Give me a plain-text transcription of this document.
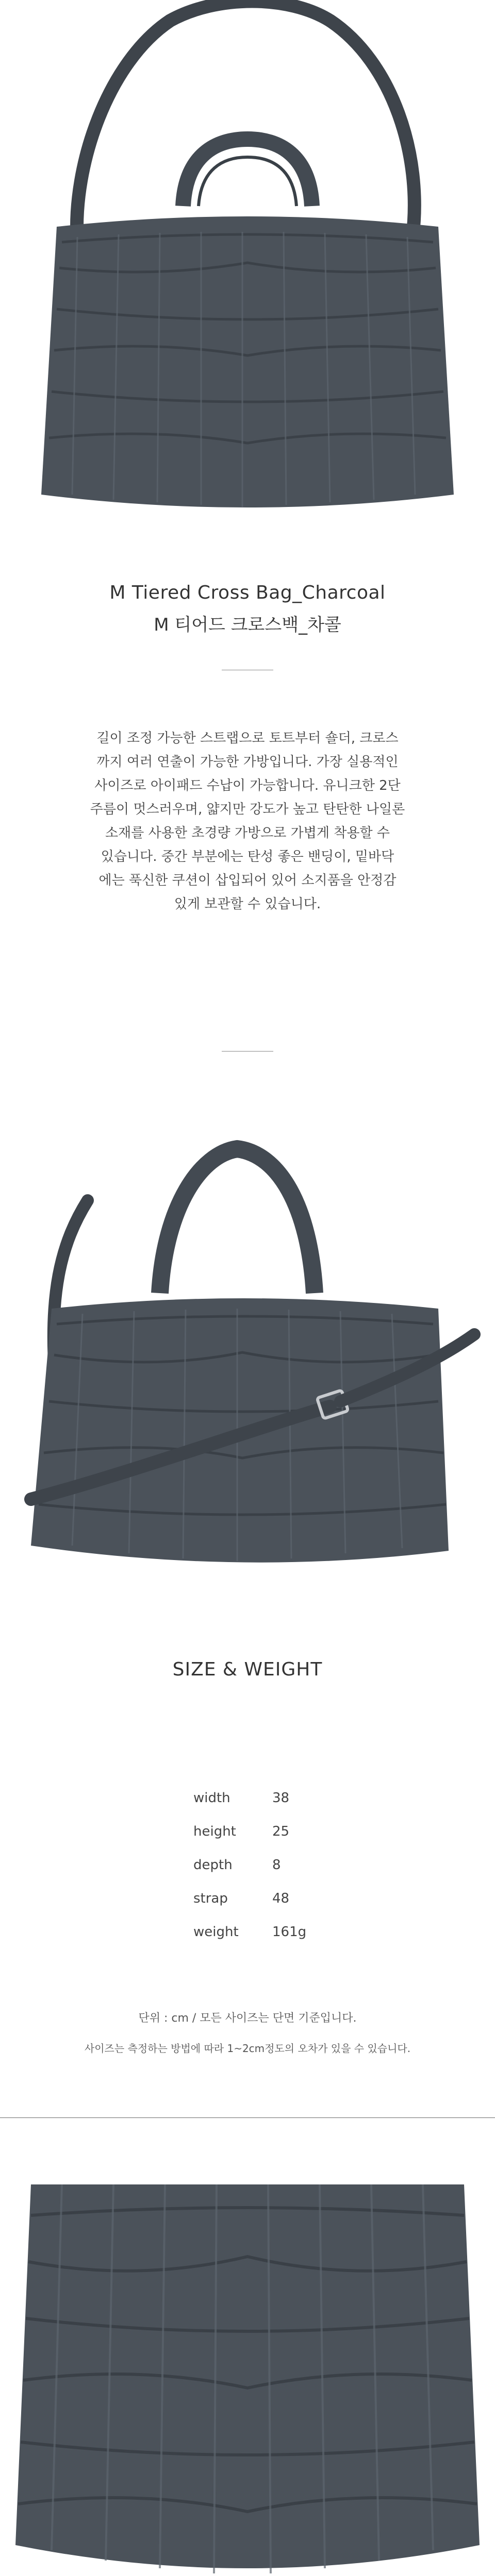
M Tiered Cross Bag_Charcoal
M 티어드 크로스백_차콜
길이 조정 가능한 스트랩으로 토트부터 숄더, 크로스
까지 여러 연출이 가능한 가방입니다. 가장 실용적인
사이즈로 아이패드 수납이 가능합니다. 유니크한 2단
주름이 멋스러우며, 얇지만 강도가 높고 탄탄한 나일론
소재를 사용한 초경량 가방으로 가볍게 착용할 수
있습니다. 중간 부분에는 탄성 좋은 밴딩이, 밑바닥
에는 푹신한 쿠션이 삽입되어 있어 소지품을 안정감
있게 보관할 수 있습니다.
SIZE & WEIGHT
width	38
height	25
depth	8
strap	48
weight	161g
단위 : cm / 모든 사이즈는 단면 기준입니다.
사이즈는 측정하는 방법에 따라 1~2cm정도의 오차가 있을 수 있습니다.
